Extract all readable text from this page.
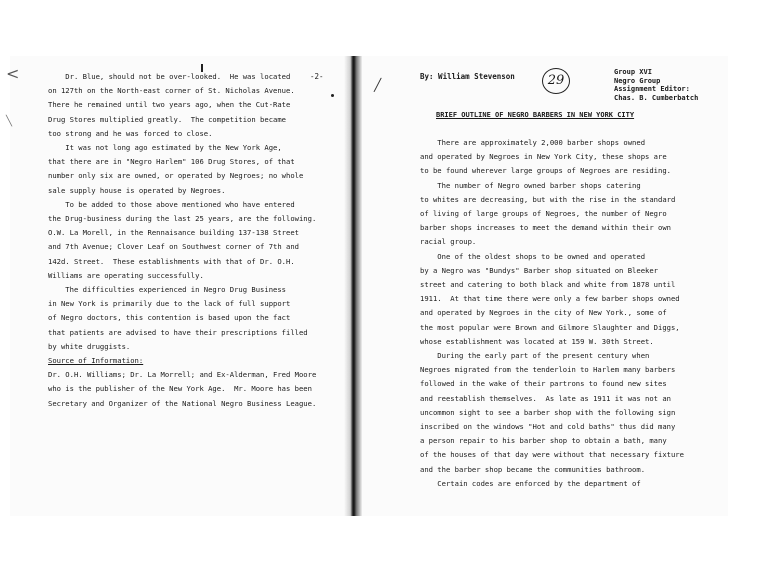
-2-

Dr. Blue, should not be over-looked.  He was located
on 127th on the North-east corner of St. Nicholas Avenue.
There he remained until two years ago, when the Cut-Rate
Drug Stores multiplied greatly.  The competition became
too strong and he was forced to close.
It was not long ago estimated by the New York Age,
that there are in "Negro Harlem" 106 Drug Stores, of that
number only six are owned, or operated by Negroes; no whole
sale supply house is operated by Negroes.
To be added to those above mentioned who have entered
the Drug-business during the last 25 years, are the following.
O.W. La Morell, in the Rennaisance building 137-138 Street
and 7th Avenue; Clover Leaf on Southwest corner of 7th and
142d. Street.  These establishments with that of Dr. O.H.
Williams are operating successfully.
The difficulties experienced in Negro Drug Business
in New York is primarily due to the lack of full support
of Negro doctors, this contention is based upon the fact
that patients are advised to have their prescriptions filled
by white druggists.
Source of Information:
Dr. O.H. Williams; Dr. La Morrell; and Ex-Alderman, Fred Moore
who is the publisher of the New York Age.  Mr. Moore has been
Secretary and Organizer of the National Negro Business League.

By: William Stevenson

	29

Group XVI
Negro Group
Assignment Editor:
Chas. B. Cumberbatch

BRIEF OUTLINE OF NEGRO BARBERS IN NEW YORK CITY

There are approximately 2,000 barber shops owned
and operated by Negroes in New York City, these shops are
to be found wherever large groups of Negroes are residing.
The number of Negro owned barber shops catering
to whites are decreasing, but with the rise in the standard
of living of large groups of Negroes, the number of Negro
barber shops increases to meet the demand within their own
racial group.
One of the oldest shops to be owned and operated
by a Negro was "Bundys" Barber shop situated on Bleeker
street and catering to both black and white from 1878 until
1911.  At that time there were only a few barber shops owned
and operated by Negroes in the city of New York., some of
the most popular were Brown and Gilmore Slaughter and Diggs,
whose establishment was located at 159 W. 30th Street.
During the early part of the present century when
Negroes migrated from the tenderloin to Harlem many barbers
followed in the wake of their partrons to found new sites
and reestablish themselves.  As late as 1911 it was not an
uncommon sight to see a barber shop with the following sign
inscribed on the windows "Hot and cold baths" thus did many
a person repair to his barber shop to obtain a bath, many
of the houses of that day were without that necessary fixture
and the barber shop became the communities bathroom.
Certain codes are enforced by the department of

╱

<
╲
